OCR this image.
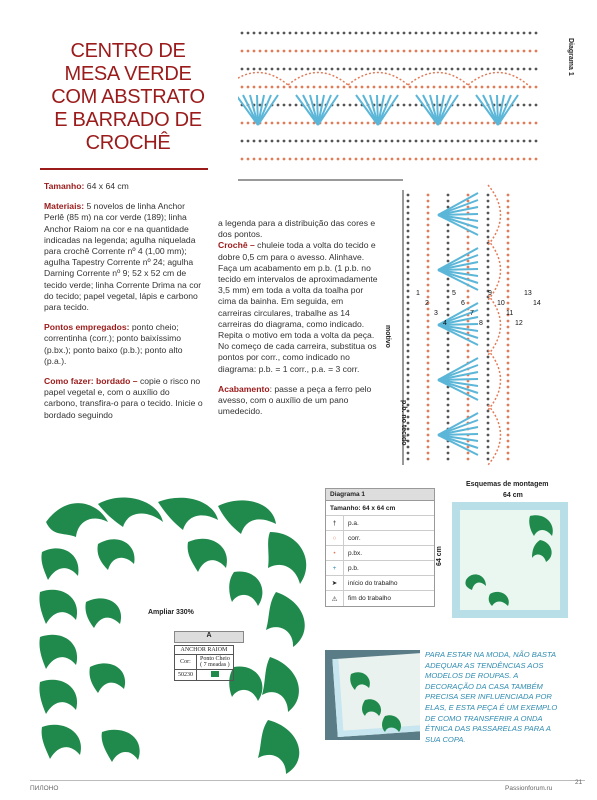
CENTRO DE
MESA VERDE
COM ABSTRATO
E BARRADO DE
CROCHÊ

Tamanho: 64 x 64 cm

Materiais: 5 novelos de linha Anchor Perlê (85 m) na cor verde (189); linha Anchor Raiom na cor e na quantidade indicadas na legenda; agulha niquelada para crochê Corrente nº 4 (1,00 mm); agulha Tapestry Corrente nº 24; agulha Darning Corrente nº 9; 52 x 52 cm de tecido verde; linha Corrente Drima na cor do tecido; papel vegetal, lápis e carbono para tecido.

Pontos empregados: ponto cheio; correntinha (corr.); ponto baixíssimo (p.bx.); ponto baixo (p.b.); ponto alto (p.a.).

Como fazer: bordado – copie o risco no papel vegetal e, com o auxílio do carbono, transfira-o para o tecido. Inicie o bordado seguindo

a legenda para a distribuição das cores e dos pontos.

Crochê – chuleie toda a volta do tecido e dobre 0,5 cm para o avesso. Alinhave. Faça um acabamento em p.b. (1 p.b. no tecido em intervalos de aproximadamente 3,5 mm) em toda a volta da toalha por cima da bainha. Em seguida, em carreiras circulares, trabalhe as 14 carreiras do diagrama, como indicado. Repita o motivo em toda a volta da peça. No começo de cada carreira, substitua os pontos por corr., como indicado no diagrama: p.b. = 1 corr., p.a. = 3 corr.

Acabamento: passe a peça a ferro pelo avesso, com o auxílio de um pano umedecido.

1
2
3
4
5
6
7
8
9
10
11
12
13
14
Diagrama 1
motivo
p.b. no tecido
Ampliar 330%
A
ANCHOR RAIOM	
Cor:	Ponto Cheio
( 7 meadas )
50230	
Diagrama 1
Tamanho: 64 x 64 cm
†	p.a.
○	corr.
•	p.bx.
+	p.b.
➤	início do trabalho
⚠	fim do trabalho
Esquemas de montagem
64 cm
64 cm
PARA ESTAR NA MODA, NÃO BASTA ADEQUAR AS TENDÊNCIAS AOS MODELOS DE ROUPAS. A DECORAÇÃO DA CASA TAMBÉM PRECISA SER INFLUENCIADA POR ELAS, E ESTA PEÇA É UM EXEMPLO DE COMO TRANSFERIR A ONDA ÉTNICA DAS PASSARELAS PARA A SUA COPA.
ПИЛОНО	Passionforum.ru
21
